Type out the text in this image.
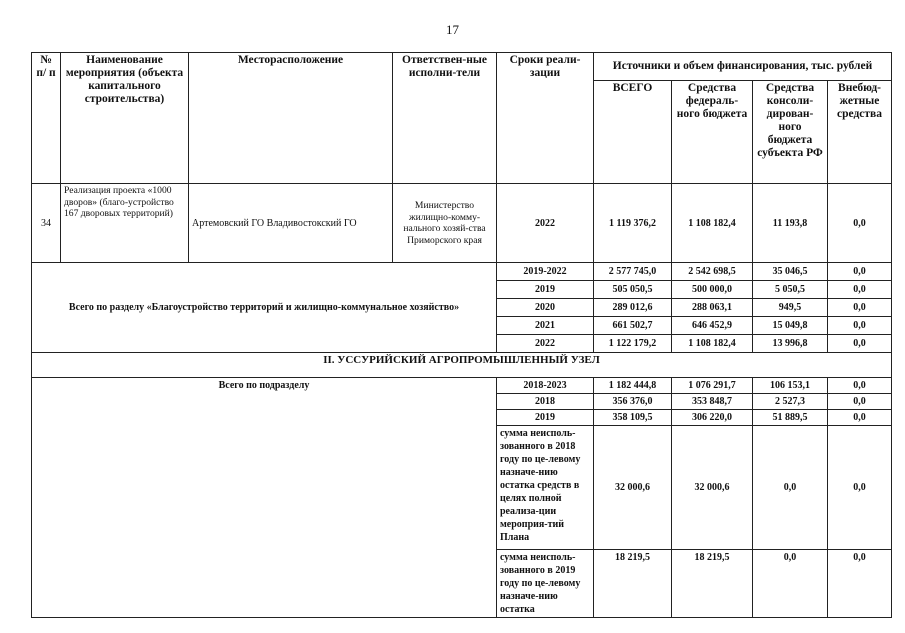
17
№ п/ п	Наименование мероприятия (объекта капитального строительства)	Месторасположение	Ответствен-ные исполни-тели	Сроки реали-зации	Источники и объем финансирования, тыс. рублей			
					ВСЕГО	Средства федераль-ного бюджета	Средства консоли-дирован-ного бюджета субъекта РФ	Внебюд-жетные средства
34	Реализация проекта «1000 дворов» (благо-устройство 167 дворовых территорий)	Артемовский ГО Владивостокский ГО	Министерство жилищно-комму-нального хозяй-ства Приморского края	2022	1 119 376,2	1 108 182,4	11 193,8	0,0
Всего по разделу «Благоустройство территорий и жилищно-коммунальное хозяйство»				2019-2022	2 577 745,0	2 542 698,5	35 046,5	0,0
				2019	505 050,5	500 000,0	5 050,5	0,0
				2020	289 012,6	288 063,1	949,5	0,0
				2021	661 502,7	646 452,9	15 049,8	0,0
				2022	1 122 179,2	1 108 182,4	13 996,8	0,0
II. УССУРИЙСКИЙ АГРОПРОМЫШЛЕННЫЙ УЗЕЛ								
Всего по подразделу				2018-2023	1 182 444,8	1 076 291,7	106 153,1	0,0
				2018	356 376,0	353 848,7	2 527,3	0,0
				2019	358 109,5	306 220,0	51 889,5	0,0
				сумма неисполь-зованного в 2018 году по це-левому назначе-нию остатка средств в целях полной реализа-ции мероприя-тий Плана	32 000,6	32 000,6	0,0	0,0
				сумма неисполь-зованного в 2019 году по це-левому назначе-нию остатка	18 219,5	18 219,5	0,0	0,0
